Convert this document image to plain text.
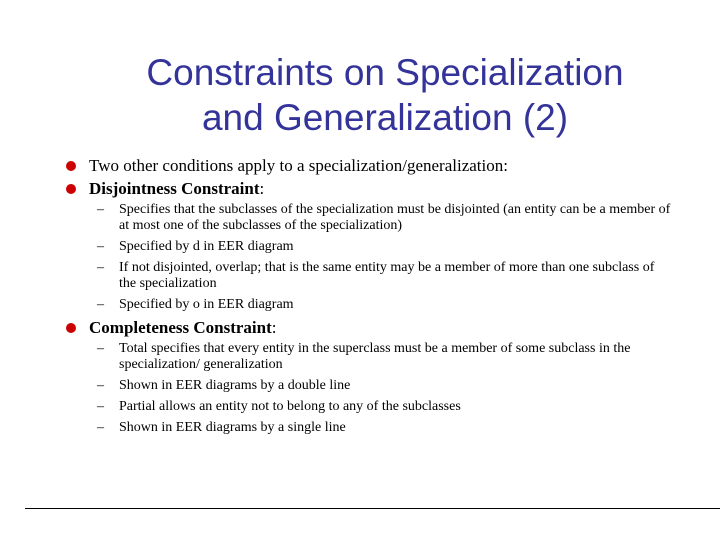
Constraints on Specialization
and Generalization (2)
Two other conditions apply to a specialization/generalization:
Disjointness Constraint:
– Specifies that the subclasses of the specialization must be disjointed (an entity can be a member of at most one of the subclasses of the specialization)
– Specified by d in EER diagram
– If not disjointed, overlap; that is the same entity may be a member of more than one subclass of the specialization
– Specified by o in EER diagram
Completeness Constraint:
– Total specifies that every entity in the superclass must be a member of some subclass in the specialization/ generalization
– Shown in EER diagrams by a double line
– Partial allows an entity not to belong to any of the subclasses
– Shown in EER diagrams by a single line
